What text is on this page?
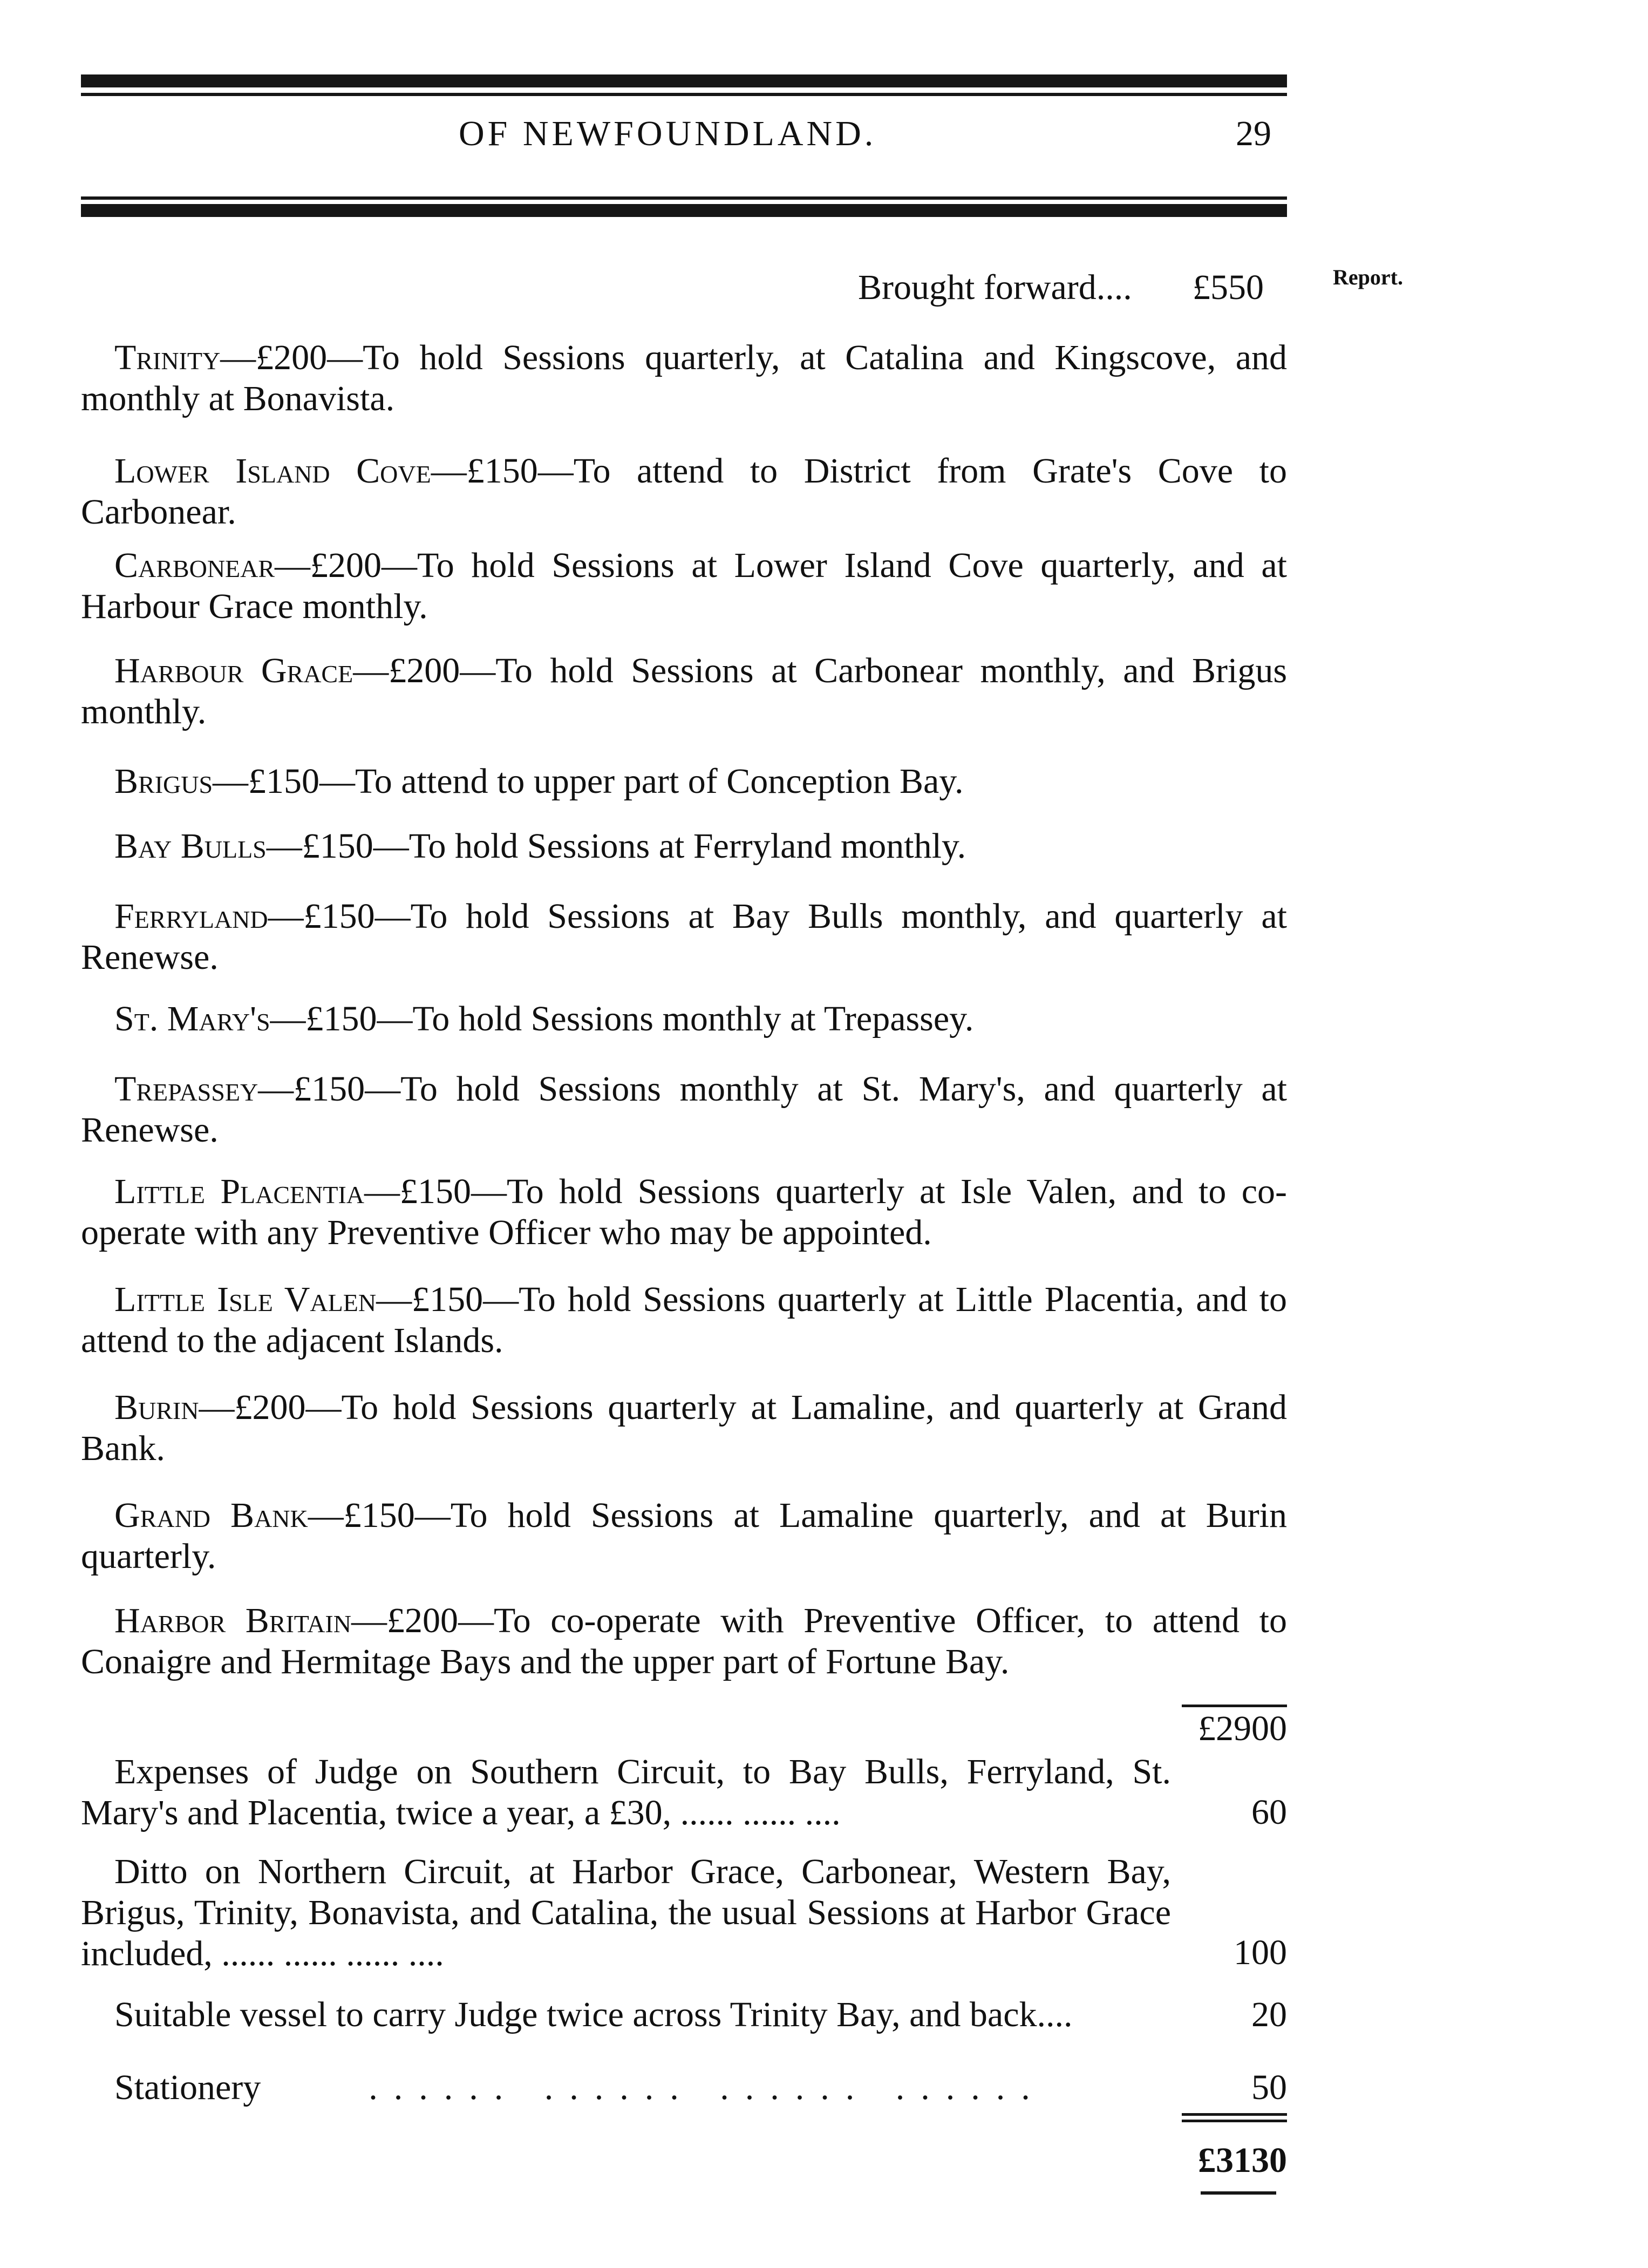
OF NEWFOUNDLAND.	29
Report.
Brought forward.... £550
Trinity—£200—To hold Sessions quarterly, at Catalina and Kingscove, and monthly at Bonavista.
Lower Island Cove—£150—To attend to District from Grate's Cove to Carbonear.
Carbonear—£200—To hold Sessions at Lower Island Cove quarterly, and at Harbour Grace monthly.
Harbour Grace—£200—To hold Sessions at Carbonear monthly, and Brigus monthly.
Brigus—£150—To attend to upper part of Conception Bay.
Bay Bulls—£150—To hold Sessions at Ferryland monthly.
Ferryland—£150—To hold Sessions at Bay Bulls monthly, and quarterly at Renewse.
St. Mary's—£150—To hold Sessions monthly at Trepassey.
Trepassey—£150—To hold Sessions monthly at St. Mary's, and quarterly at Renewse.
Little Placentia—£150—To hold Sessions quarterly at Isle Valen, and to co-operate with any Preventive Officer who may be appointed.
Little Isle Valen—£150—To hold Sessions quarterly at Little Placentia, and to attend to the adjacent Islands.
Burin—£200—To hold Sessions quarterly at Lamaline, and quarterly at Grand Bank.
Grand Bank—£150—To hold Sessions at Lamaline quarterly, and at Burin quarterly.
Harbor Britain—£200—To co-operate with Preventive Officer, to attend to Conaigre and Hermitage Bays and the upper part of Fortune Bay.
£2900
Expenses of Judge on Southern Circuit, to Bay Bulls, Ferryland, St. Mary's and Placentia, twice a year, a £30, ...... ...... ....	60
Ditto on Northern Circuit, at Harbor Grace, Carbonear, Western Bay, Brigus, Trinity, Bonavista, and Catalina, the usual Sessions at Harbor Grace included, ...... ...... ...... ....	100
Suitable vessel to carry Judge twice across Trinity Bay, and back....	20
Stationery	...... ...... ...... ......	50
£3130
